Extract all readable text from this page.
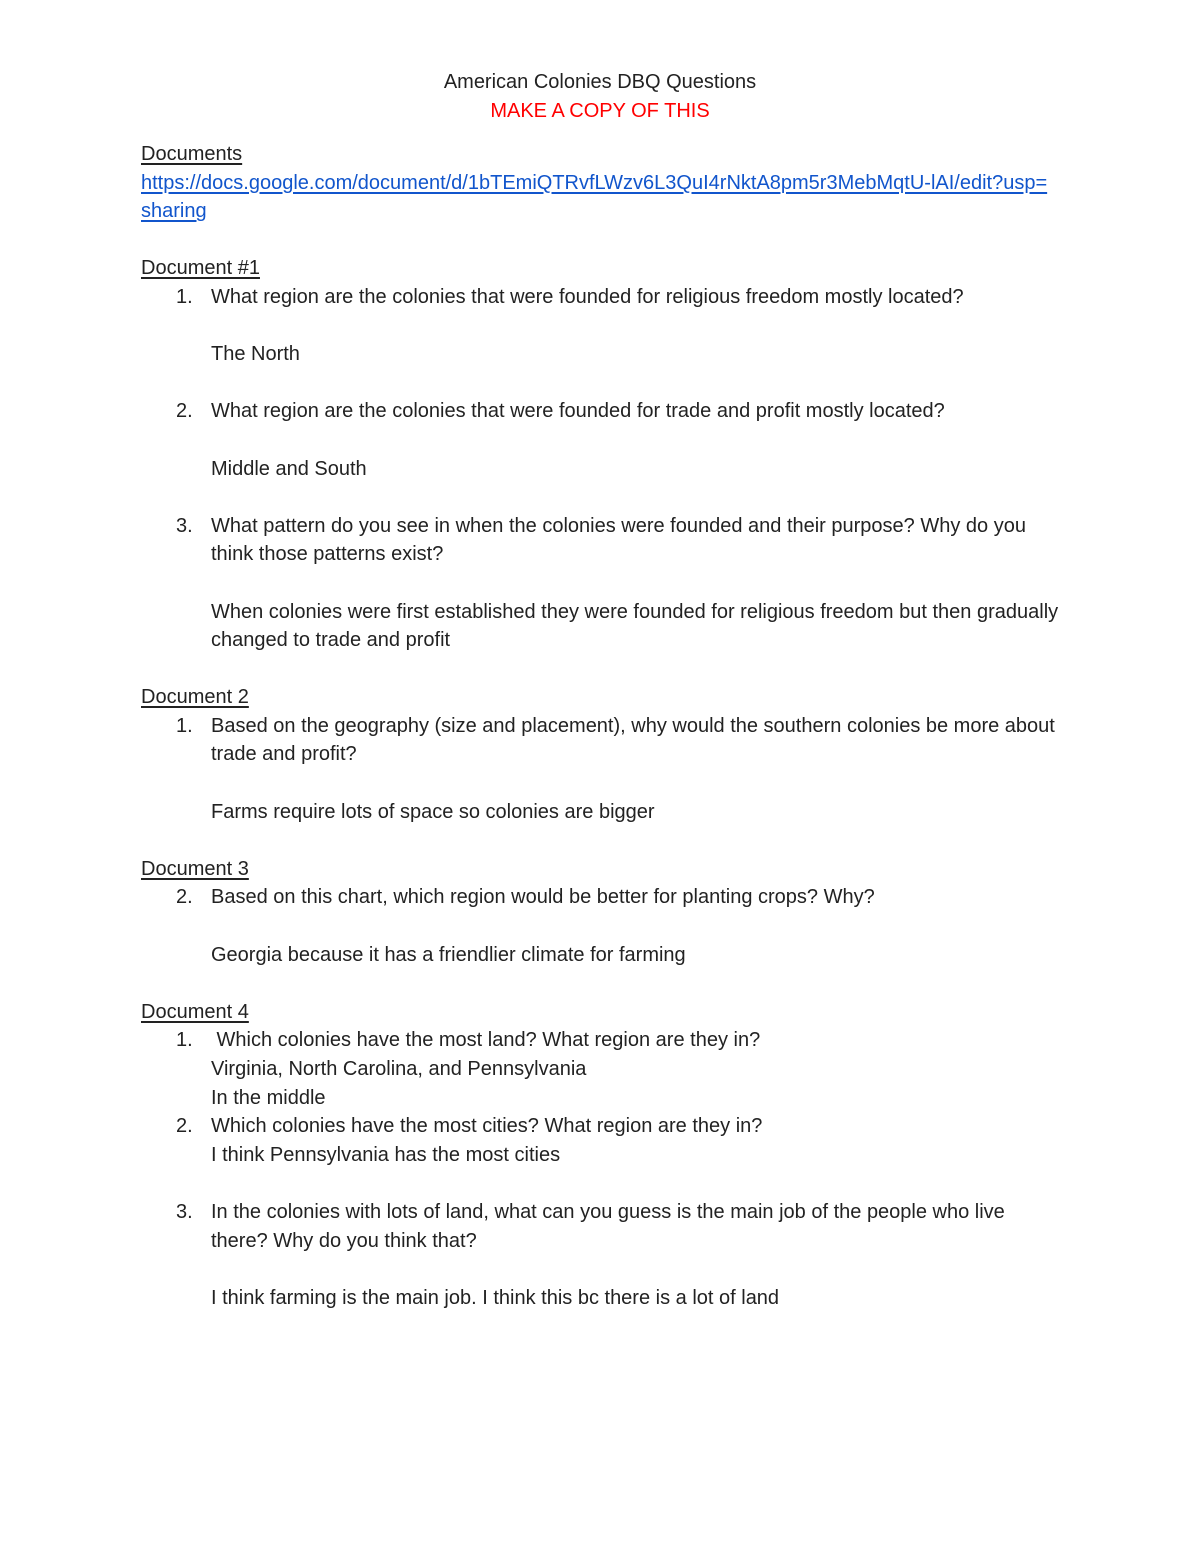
American Colonies DBQ Questions
MAKE A COPY OF THIS
Documents
https://docs.google.com/document/d/1bTEmiQTRvfLWzv6L3QuI4rNktA8pm5r3MebMqtU-lAI/edit?usp=sharing
Document #1
1. What region are the colonies that were founded for religious freedom mostly located?
The North
2. What region are the colonies that were founded for trade and profit mostly located?
Middle and South
3. What pattern do you see in when the colonies were founded and their purpose? Why do you think those patterns exist?
When colonies were first established they were founded for religious freedom but then gradually changed to trade and profit
Document 2
1. Based on the geography (size and placement), why would the southern colonies be more about trade and profit?
Farms require lots of space so colonies are bigger
Document 3
2. Based on this chart, which region would be better for planting crops? Why?
Georgia because it has a friendlier climate for farming
Document 4
1. Which colonies have the most land? What region are they in?
Virginia, North Carolina, and Pennsylvania
In the middle
2. Which colonies have the most cities? What region are they in?
I think Pennsylvania has the most cities
3. In the colonies with lots of land, what can you guess is the main job of the people who live there? Why do you think that?
I think farming is the main job. I think this bc there is a lot of land
